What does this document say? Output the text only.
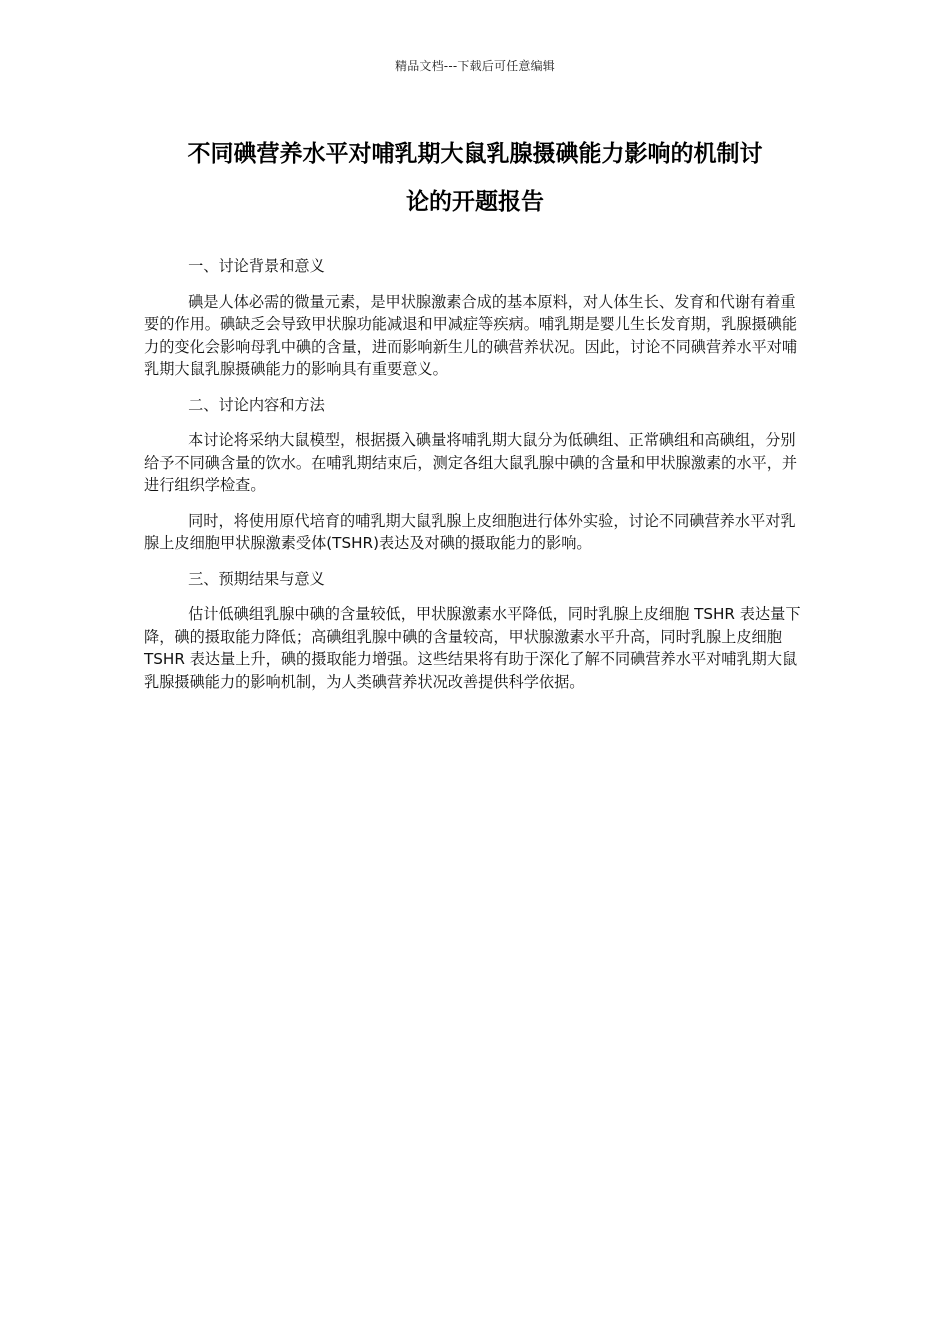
精品文档---下载后可任意编辑
不同碘营养水平对哺乳期大鼠乳腺摄碘能力影响的机制讨
论的开题报告

一、讨论背景和意义

碘是人体必需的微量元素，是甲状腺激素合成的基本原料，对人体生长、发育和代谢有着重要的作用。碘缺乏会导致甲状腺功能减退和甲减症等疾病。哺乳期是婴儿生长发育期，乳腺摄碘能力的变化会影响母乳中碘的含量，进而影响新生儿的碘营养状况。因此，讨论不同碘营养水平对哺乳期大鼠乳腺摄碘能力的影响具有重要意义。

二、讨论内容和方法

本讨论将采纳大鼠模型，根据摄入碘量将哺乳期大鼠分为低碘组、正常碘组和高碘组，分别给予不同碘含量的饮水。在哺乳期结束后，测定各组大鼠乳腺中碘的含量和甲状腺激素的水平，并进行组织学检查。

同时，将使用原代培育的哺乳期大鼠乳腺上皮细胞进行体外实验，讨论不同碘营养水平对乳腺上皮细胞甲状腺激素受体(TSHR)表达及对碘的摄取能力的影响。

三、预期结果与意义

估计低碘组乳腺中碘的含量较低，甲状腺激素水平降低，同时乳腺上皮细胞 TSHR 表达量下降，碘的摄取能力降低；高碘组乳腺中碘的含量较高，甲状腺激素水平升高，同时乳腺上皮细胞 TSHR 表达量上升，碘的摄取能力增强。这些结果将有助于深化了解不同碘营养水平对哺乳期大鼠乳腺摄碘能力的影响机制，为人类碘营养状况改善提供科学依据。
